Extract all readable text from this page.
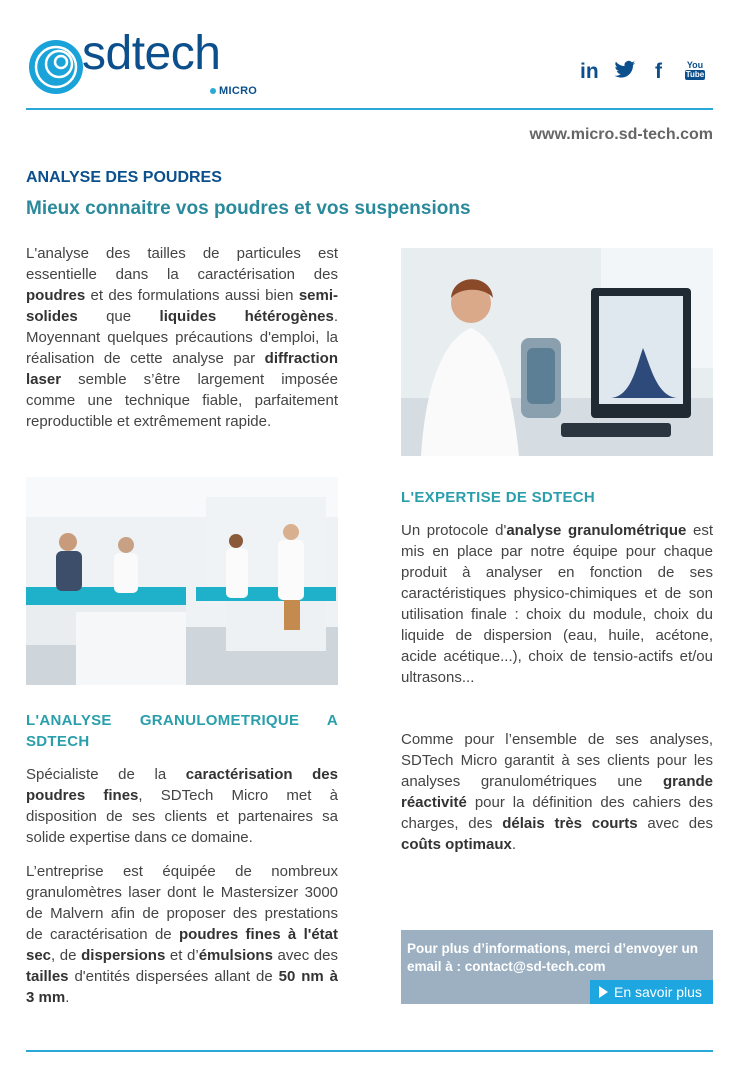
sdtech
MICRO
in	f	You
Tube
www.micro.sd-tech.com
ANALYSE DES POUDRES
Mieux connaitre vos poudres et vos suspensions
L'analyse des tailles de particules est essentielle dans la caractérisation des poudres et des formulations aussi bien semi-solides que liquides hétérogènes. Moyennant quelques précautions d'emploi, la réalisation de cette analyse par diffraction laser semble s’être largement imposée comme une technique fiable, parfaitement reproductible et extrêmement rapide.
L'EXPERTISE DE SDTECH
Un protocole d'analyse granulométrique est mis en place par notre équipe pour chaque produit à analyser en fonction de ses caractéristiques physico-chimiques et de son utilisation finale : choix du module, choix du liquide de dispersion (eau, huile, acétone, acide acétique...), choix de tensio-actifs et/ou ultrasons...
Comme pour l’ensemble de ses analyses, SDTech Micro garantit à ses clients pour les analyses granulométriques une grande réactivité pour la définition des cahiers des charges, des délais très courts avec des coûts optimaux.
L'ANALYSE GRANULOMETRIQUE A SDTECH
Spécialiste de la caractérisation des poudres fines, SDTech Micro met à disposition de ses clients et partenaires sa solide expertise dans ce domaine.
L’entreprise est équipée de nombreux granulomètres laser dont le Mastersizer 3000 de Malvern afin de proposer des prestations de caractérisation de poudres fines à l'état sec, de dispersions et d’émulsions avec des tailles d'entités dispersées allant de 50 nm à 3 mm.
Pour plus d’informations, merci d’envoyer un email à : contact@sd-tech.com
En savoir plus
